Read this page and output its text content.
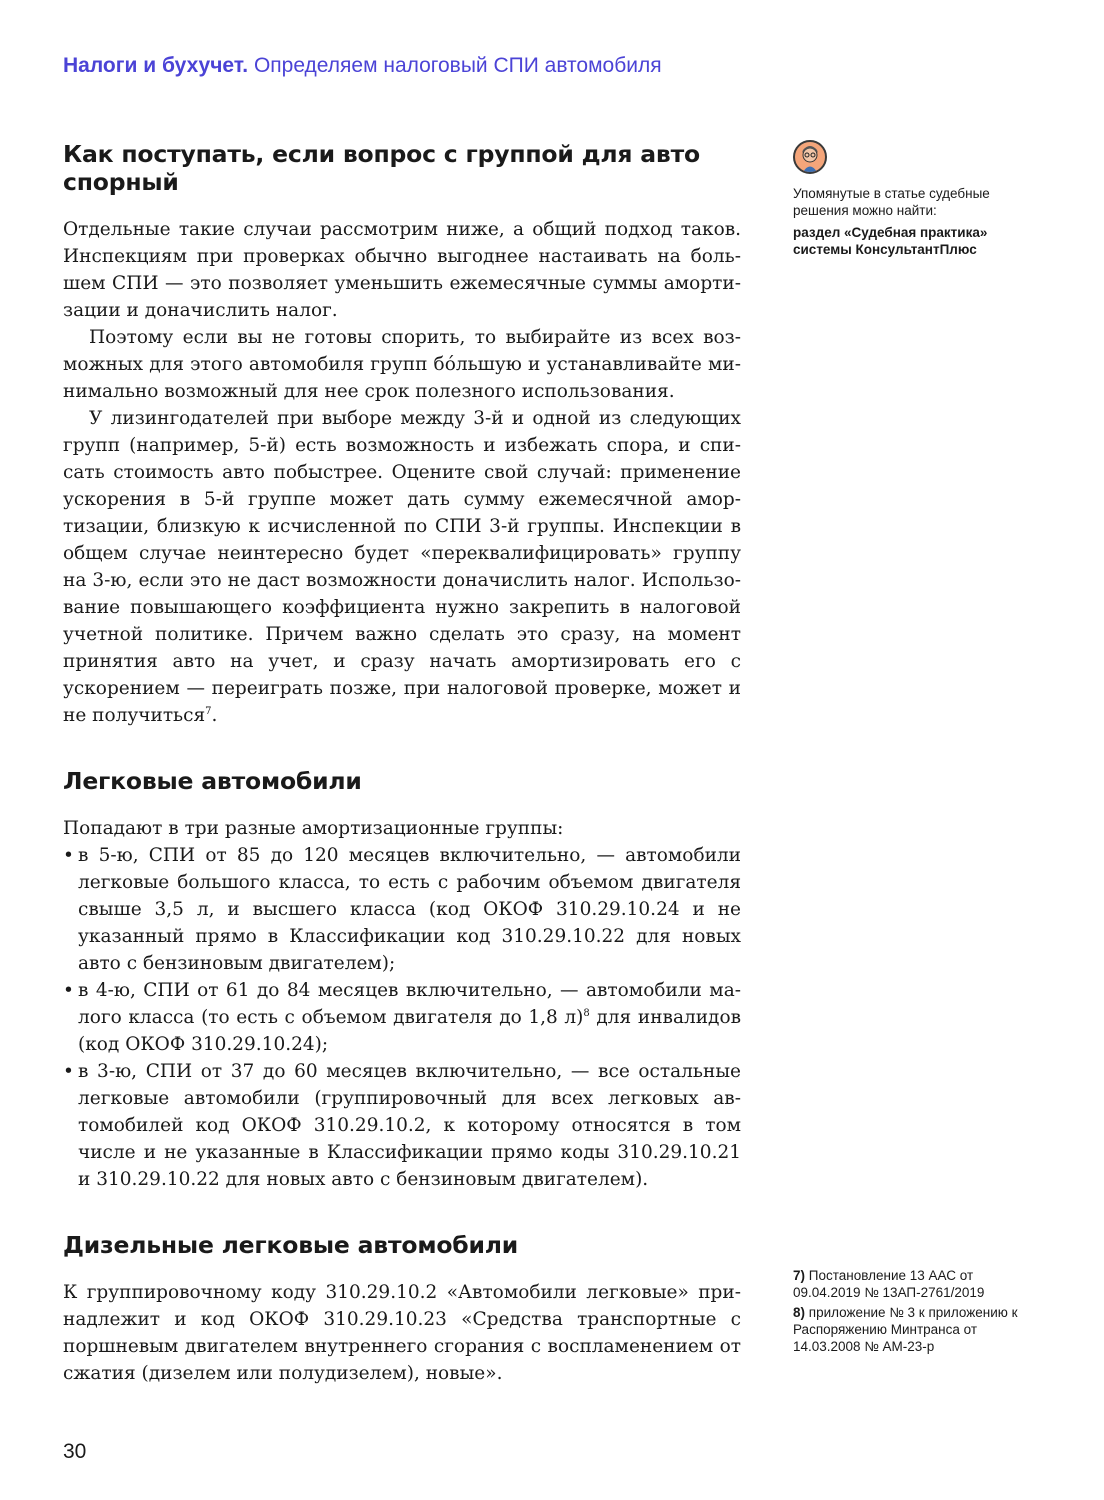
Налоги и бухучет. Определяем налоговый СПИ автомобиля
Как поступать, если вопрос с группой для авто спорный

Отдельные такие случаи рассмотрим ниже, а общий подход таков. Инспекциям при проверках обычно выгоднее настаивать на большем СПИ — это позволяет уменьшить ежемесячные суммы амортизации и доначислить налог.

Поэтому если вы не готовы спорить, то выбирайте из всех возможных для этого автомобиля групп бо́льшую и устанавливайте минимально возможный для нее срок полезного использования.

У лизингодателей при выборе между 3-й и одной из следующих групп (например, 5-й) есть возможность и избежать спора, и списать стоимость авто побыстрее. Оцените свой случай: применение ускорения в 5-й группе может дать сумму ежемесячной амортизации, близкую к исчисленной по СПИ 3-й группы. Инспекции в общем случае неинтересно будет «переквалифицировать» группу на 3-ю, если это не даст возможности доначислить налог. Использование повышающего коэффициента нужно закрепить в налоговой учетной политике. Причем важно сделать это сразу, на момент принятия авто на учет, и сразу начать амортизировать его с ускорением — переиграть позже, при налоговой проверке, может и не получиться$^7$.

Легковые автомобили

Попадают в три разные амортизационные группы:

• в 5-ю, СПИ от 85 до 120 месяцев включительно, — автомобили легковые большого класса, то есть с рабочим объемом двигателя свыше 3,5 л, и высшего класса (код ОКОФ 310.29.10.24 и не указанный прямо в Классификации код 310.29.10.22 для новых авто с бензиновым двигателем);
• в 4-ю, СПИ от 61 до 84 месяцев включительно, — автомобили малого класса (то есть с объемом двигателя до 1,8 л)$^8$ для инвалидов (код ОКОФ 310.29.10.24);
• в 3-ю, СПИ от 37 до 60 месяцев включительно, — все остальные легковые автомобили (группировочный для всех легковых автомобилей код ОКОФ 310.29.10.2, к которому относятся в том числе и не указанные в Классификации прямо коды 310.29.10.21 и 310.29.10.22 для новых авто с бензиновым двигателем).
Дизельные легковые автомобили

К группировочному коду 310.29.10.2 «Автомобили легковые» принадлежит и код ОКОФ 310.29.10.23 «Средства транспортные с поршневым двигателем внутреннего сгорания с воспламенением от сжатия (дизелем или полудизелем), новые».

Упомянутые в статье судебные решения можно найти:
раздел «Судебная практика» системы КонсультантПлюс
7) Постановление 13 ААС от 09.04.2019 № 13АП-2761/2019
8) приложение № 3 к приложению к Распоряжению Минтранса от 14.03.2008 № АМ-23-р
30
